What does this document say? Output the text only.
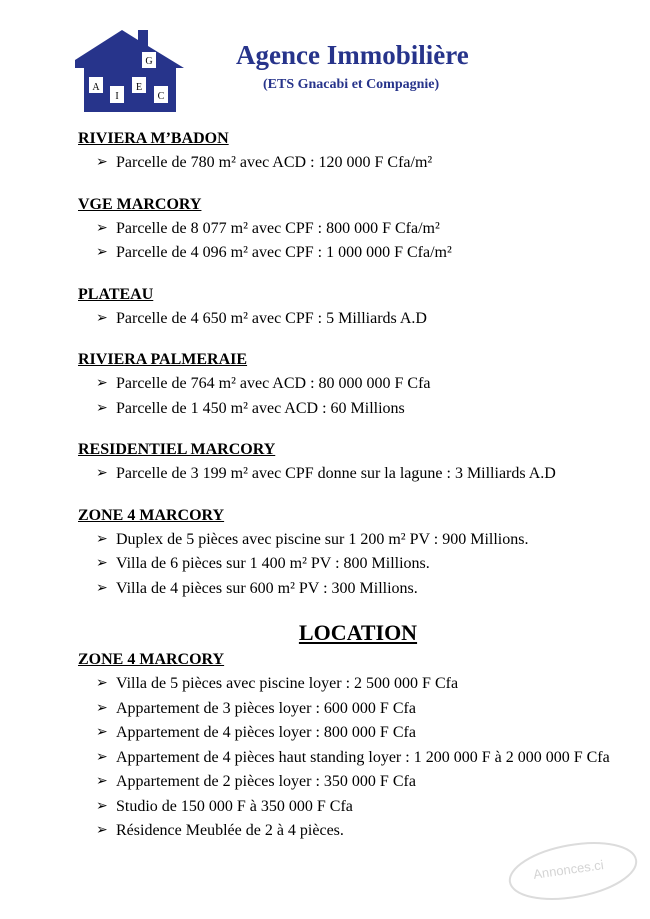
A
I
E
C
G	Agence Immobilière
(ETS Gnacabi et Compagnie)
RIVIERA M’BADON
➢ Parcelle de 780 m² avec ACD : 120 000 F Cfa/m²
VGE MARCORY
➢ Parcelle de 8 077 m² avec CPF : 800 000 F Cfa/m²
➢ Parcelle de 4 096 m² avec CPF : 1 000 000 F Cfa/m²
PLATEAU
➢ Parcelle de 4 650 m² avec CPF : 5 Milliards A.D
RIVIERA PALMERAIE
➢ Parcelle de 764 m² avec ACD : 80 000 000 F Cfa
➢ Parcelle de 1 450 m² avec ACD : 60 Millions
RESIDENTIEL MARCORY
➢ Parcelle de 3 199 m² avec CPF donne sur la lagune : 3 Milliards A.D
ZONE 4 MARCORY
➢ Duplex de 5 pièces avec piscine sur 1 200 m² PV : 900 Millions.
➢ Villa de 6 pièces sur 1 400 m² PV : 800 Millions.
➢ Villa de 4 pièces sur 600 m² PV : 300 Millions.
LOCATION
ZONE 4 MARCORY
➢ Villa de 5 pièces avec piscine loyer : 2 500 000 F Cfa
➢ Appartement de 3 pièces loyer : 600 000 F Cfa
➢ Appartement de 4 pièces loyer : 800 000 F Cfa
➢ Appartement de 4 pièces haut standing loyer : 1 200 000 F à 2 000 000 F Cfa
➢ Appartement de 2 pièces loyer : 350 000 F Cfa
➢ Studio de 150 000 F à 350 000 F Cfa
➢ Résidence Meublée de 2 à 4 pièces.
Annonces.ci
